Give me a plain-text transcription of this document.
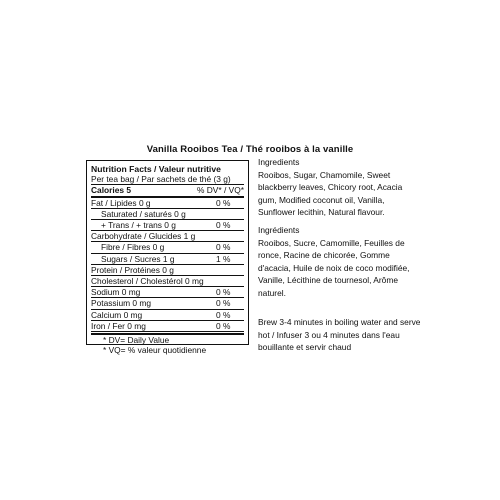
Vanilla Rooibos Tea / Thé rooibos à la vanille
Nutrition Facts / Valeur nutritive
Per tea bag / Par sachets de thé (3 g)
Calories 5	% DV* / VQ*
Fat / Lipides 0 g	0 %
Saturated / saturés 0 g
+ Trans / + trans 0 g	0 %
Carbohydrate / Glucides 1 g
Fibre / Fibres 0 g	0 %
Sugars / Sucres 1 g	1 %
Protein / Protéines 0 g
Cholesterol / Cholestérol 0 mg
Sodium 0 mg	0 %
Potassium 0 mg	0 %
Calcium 0 mg	0 %
Iron / Fer 0 mg	0 %
* DV= Daily Value
* VQ= % valeur quotidienne

Ingredients

Rooibos, Sugar, Chamomile, Sweet blackberry leaves, Chicory root, Acacia gum, Modified coconut oil, Vanilla, Sunflower lecithin, Natural flavour.

Ingrédients

Rooibos, Sucre, Camomille, Feuilles de ronce, Racine de chicorée, Gomme d'acacia, Huile de noix de coco modifiée, Vanille, Lécithine de tournesol, Arôme naturel.

Brew 3-4 minutes in boiling water and serve hot / Infuser 3 ou 4 minutes dans l'eau bouillante et servir chaud
